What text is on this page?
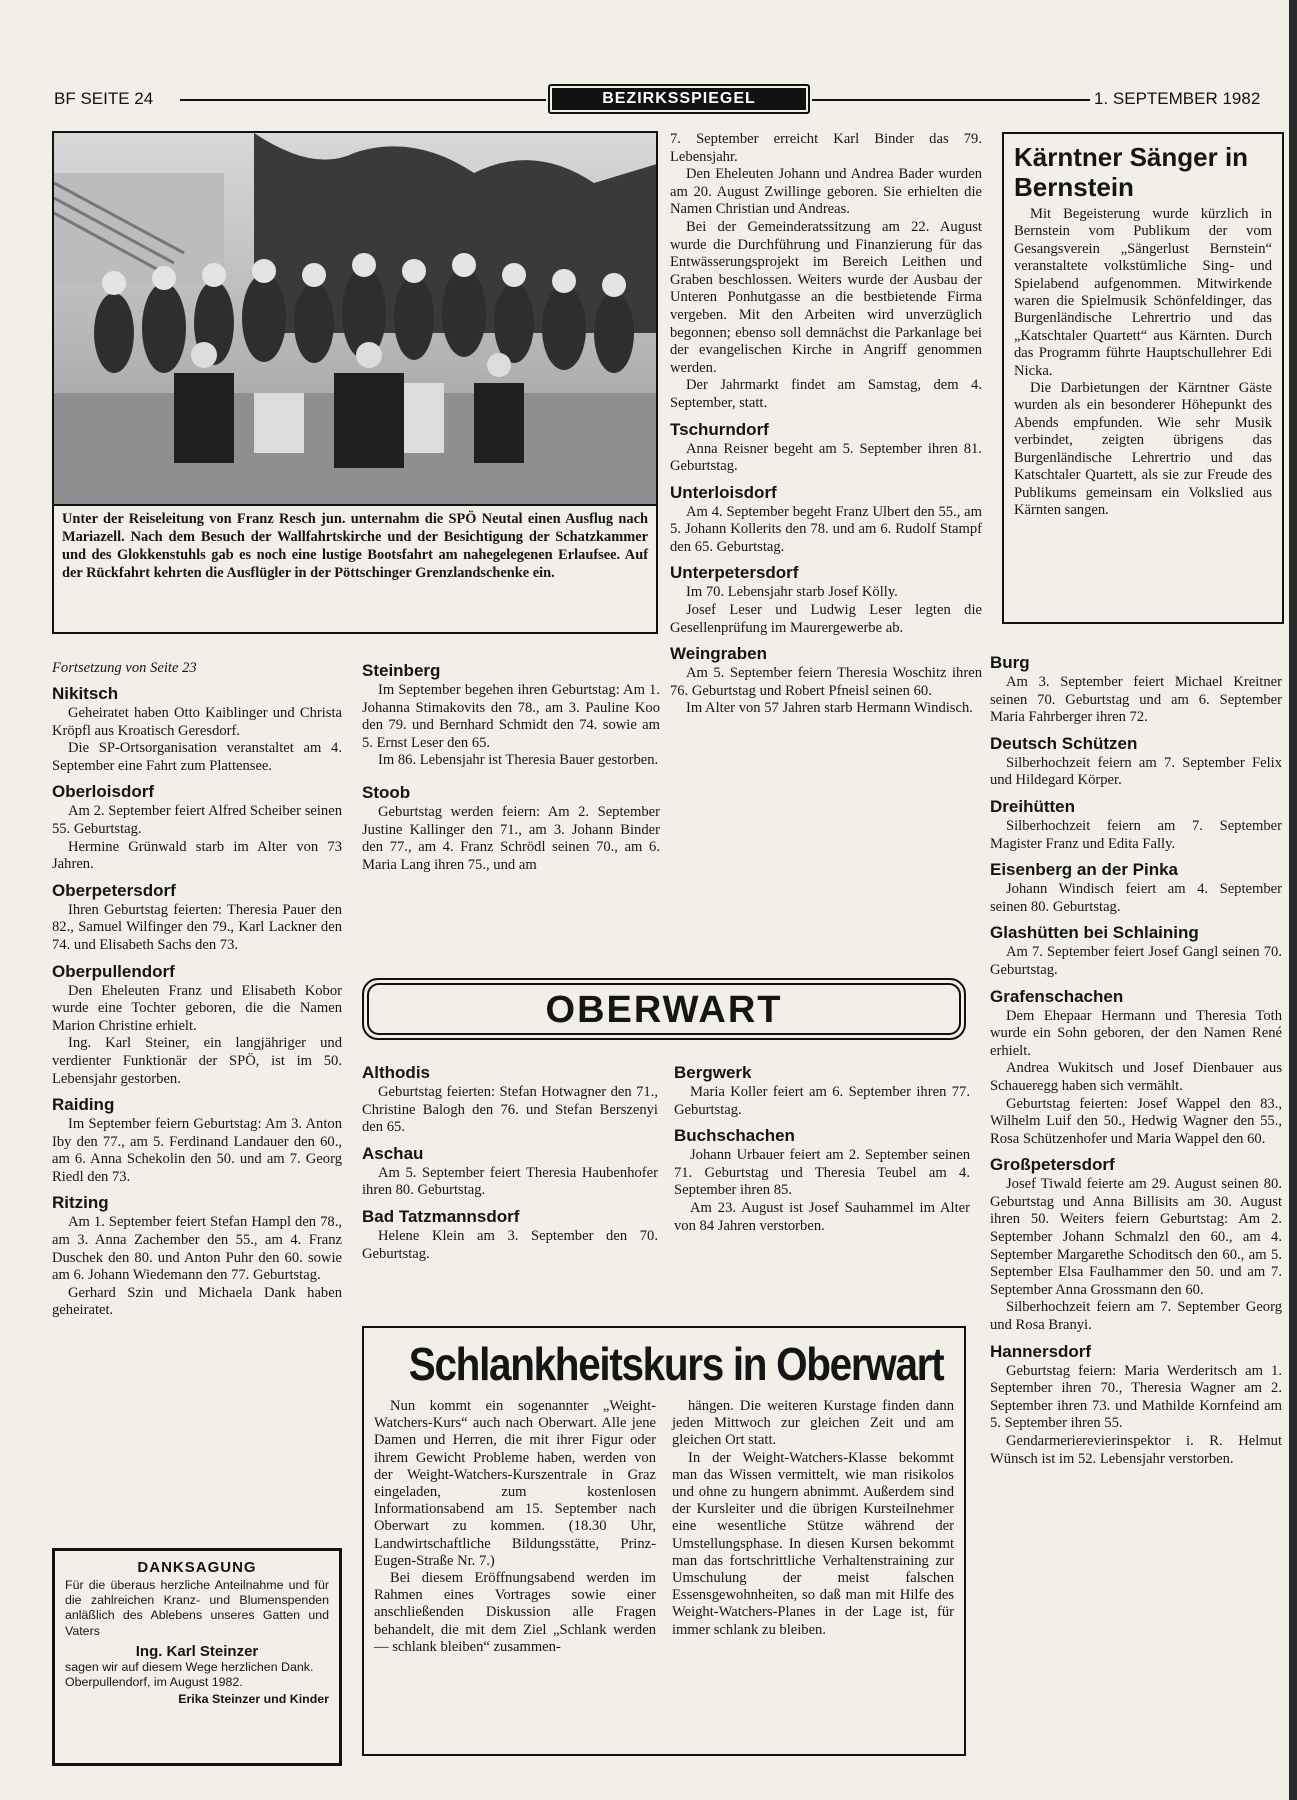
BF SEITE 24	BEZIRKSSPIEGEL	1. SEPTEMBER 1982
Unter der Reiseleitung von Franz Resch jun. unternahm die SPÖ Neutal einen Ausflug nach Mariazell. Nach dem Besuch der Wallfahrtskirche und der Besichtigung der Schatzkammer und des Glokkenstuhls gab es noch eine lustige Bootsfahrt am nahegelegenen Erlaufsee. Auf der Rückfahrt kehrten die Ausflügler in der Pöttschinger Grenzlandschenke ein.

7. September erreicht Karl Binder das 79. Lebensjahr.

Den Eheleuten Johann und Andrea Bader wurden am 20. August Zwillinge geboren. Sie erhielten die Namen Christian und Andreas.

Bei der Gemeinderatssitzung am 22. August wurde die Durchführung und Finanzierung für das Entwässerungsprojekt im Bereich Leithen und Graben beschlossen. Weiters wurde der Ausbau der Unteren Ponhutgasse an die bestbietende Firma vergeben. Mit den Arbeiten wird unverzüglich begonnen; ebenso soll demnächst die Parkanlage bei der evangelischen Kirche in Angriff genommen werden.

Der Jahrmarkt findet am Samstag, dem 4. September, statt.

Tschurndorf

Anna Reisner begeht am 5. September ihren 81. Geburtstag.

Unterloisdorf

Am 4. September begeht Franz Ulbert den 55., am 5. Johann Kollerits den 78. und am 6. Rudolf Stampf den 65. Geburtstag.

Unterpetersdorf

Im 70. Lebensjahr starb Josef Kölly.

Josef Leser und Ludwig Leser legten die Gesellenprüfung im Maurergewerbe ab.

Weingraben

Am 5. September feiern Theresia Woschitz ihren 76. Geburtstag und Robert Pfneisl seinen 60.

Im Alter von 57 Jahren starb Hermann Windisch.

Kärntner Sänger in Bernstein

Mit Begeisterung wurde kürzlich in Bernstein vom Publikum der vom Gesangsverein „Sängerlust Bernstein“ veranstaltete volkstümliche Sing- und Spielabend aufgenommen. Mitwirkende waren die Spielmusik Schönfeldinger, das Burgenländische Lehrertrio und das „Katschtaler Quartett“ aus Kärnten. Durch das Programm führte Hauptschullehrer Edi Nicka.

Die Darbietungen der Kärntner Gäste wurden als ein besonderer Höhepunkt des Abends empfunden. Wie sehr Musik verbindet, zeigten übrigens das Burgenländische Lehrertrio und das Katschtaler Quartett, als sie zur Freude des Publikums gemeinsam ein Volkslied aus Kärnten sangen.

Fortsetzung von Seite 23
Nikitsch

Geheiratet haben Otto Kaiblinger und Christa Kröpfl aus Kroatisch Geresdorf.

Die SP-Ortsorganisation veranstaltet am 4. September eine Fahrt zum Plattensee.

Oberloisdorf

Am 2. September feiert Alfred Scheiber seinen 55. Geburtstag.

Hermine Grünwald starb im Alter von 73 Jahren.

Oberpetersdorf

Ihren Geburtstag feierten: Theresia Pauer den 82., Samuel Wilfinger den 79., Karl Lackner den 74. und Elisabeth Sachs den 73.

Oberpullendorf

Den Eheleuten Franz und Elisabeth Kobor wurde eine Tochter geboren, die die Namen Marion Christine erhielt.

Ing. Karl Steiner, ein langjähriger und verdienter Funktionär der SPÖ, ist im 50. Lebensjahr gestorben.

Raiding

Im September feiern Geburtstag: Am 3. Anton Iby den 77., am 5. Ferdinand Landauer den 60., am 6. Anna Schekolin den 50. und am 7. Georg Riedl den 73.

Ritzing

Am 1. September feiert Stefan Hampl den 78., am 3. Anna Zachember den 55., am 4. Franz Duschek den 80. und Anton Puhr den 60. sowie am 6. Johann Wiedemann den 77. Geburtstag.

Gerhard Szin und Michaela Dank haben geheiratet.

DANKSAGUNG
Für die überaus herzliche Anteilnahme und für die zahlreichen Kranz- und Blumenspenden anläßlich des Ablebens unseres Gatten und Vaters
Ing. Karl Steinzer
sagen wir auf diesem Wege herzlichen Dank.
Oberpullendorf, im August 1982.
Erika Steinzer und Kinder
Steinberg

Im September begehen ihren Geburtstag: Am 1. Johanna Stimakovits den 78., am 3. Pauline Koo den 79. und Bernhard Schmidt den 74. sowie am 5. Ernst Leser den 65.

Im 86. Lebensjahr ist Theresia Bauer gestorben.

Stoob

Geburtstag werden feiern: Am 2. September Justine Kallinger den 71., am 3. Johann Binder den 77., am 4. Franz Schrödl seinen 70., am 6. Maria Lang ihren 75., und am

OBERWART
Althodis

Geburtstag feierten: Stefan Hotwagner den 71., Christine Balogh den 76. und Stefan Berszenyi den 65.

Aschau

Am 5. September feiert Theresia Haubenhofer ihren 80. Geburtstag.

Bad Tatzmannsdorf

Helene Klein am 3. September den 70. Geburtstag.

Bergwerk

Maria Koller feiert am 6. September ihren 77. Geburtstag.

Buchschachen

Johann Urbauer feiert am 2. September seinen 71. Geburtstag und Theresia Teubel am 4. September ihren 85.

Am 23. August ist Josef Sauhammel im Alter von 84 Jahren verstorben.

Schlankheitskurs in Oberwart

Nun kommt ein sogenannter „Weight-Watchers-Kurs“ auch nach Oberwart. Alle jene Damen und Herren, die mit ihrer Figur oder ihrem Gewicht Probleme haben, werden von der Weight-Watchers-Kurszentrale in Graz eingeladen, zum kostenlosen Informationsabend am 15. September nach Oberwart zu kommen. (18.30 Uhr, Landwirtschaftliche Bildungsstätte, Prinz-Eugen-Straße Nr. 7.)

Bei diesem Eröffnungsabend werden im Rahmen eines Vortrages sowie einer anschließenden Diskussion alle Fragen behandelt, die mit dem Ziel „Schlank werden — schlank bleiben“ zusammen-

hängen. Die weiteren Kurstage finden dann jeden Mittwoch zur gleichen Zeit und am gleichen Ort statt.

In der Weight-Watchers-Klasse bekommt man das Wissen vermittelt, wie man risikolos und ohne zu hungern abnimmt. Außerdem sind der Kursleiter und die übrigen Kursteilnehmer eine wesentliche Stütze während der Umstellungsphase. In diesen Kursen bekommt man das fortschrittliche Verhaltenstraining zur Umschulung der meist falschen Essensgewohnheiten, so daß man mit Hilfe des Weight-Watchers-Planes in der Lage ist, für immer schlank zu bleiben.

Burg

Am 3. September feiert Michael Kreitner seinen 70. Geburtstag und am 6. September Maria Fahrberger ihren 72.

Deutsch Schützen

Silberhochzeit feiern am 7. September Felix und Hildegard Körper.

Dreihütten

Silberhochzeit feiern am 7. September Magister Franz und Edita Fally.

Eisenberg an der Pinka

Johann Windisch feiert am 4. September seinen 80. Geburtstag.

Glashütten bei Schlaining

Am 7. September feiert Josef Gangl seinen 70. Geburtstag.

Grafenschachen

Dem Ehepaar Hermann und Theresia Toth wurde ein Sohn geboren, der den Namen René erhielt.

Andrea Wukitsch und Josef Dienbauer aus Schaueregg haben sich vermählt.

Geburtstag feierten: Josef Wappel den 83., Wilhelm Luif den 50., Hedwig Wagner den 55., Rosa Schützenhofer und Maria Wappel den 60.

Großpetersdorf

Josef Tiwald feierte am 29. August seinen 80. Geburtstag und Anna Billisits am 30. August ihren 50. Weiters feiern Geburtstag: Am 2. September Johann Schmalzl den 60., am 4. September Margarethe Schoditsch den 60., am 5. September Elsa Faulhammer den 50. und am 7. September Anna Grossmann den 60.

Silberhochzeit feiern am 7. September Georg und Rosa Branyi.

Hannersdorf

Geburtstag feiern: Maria Werderitsch am 1. September ihren 70., Theresia Wagner am 2. September ihren 73. und Mathilde Kornfeind am 5. September ihren 55.

Gendarmerierevierinspektor i. R. Helmut Wünsch ist im 52. Lebensjahr verstorben.
